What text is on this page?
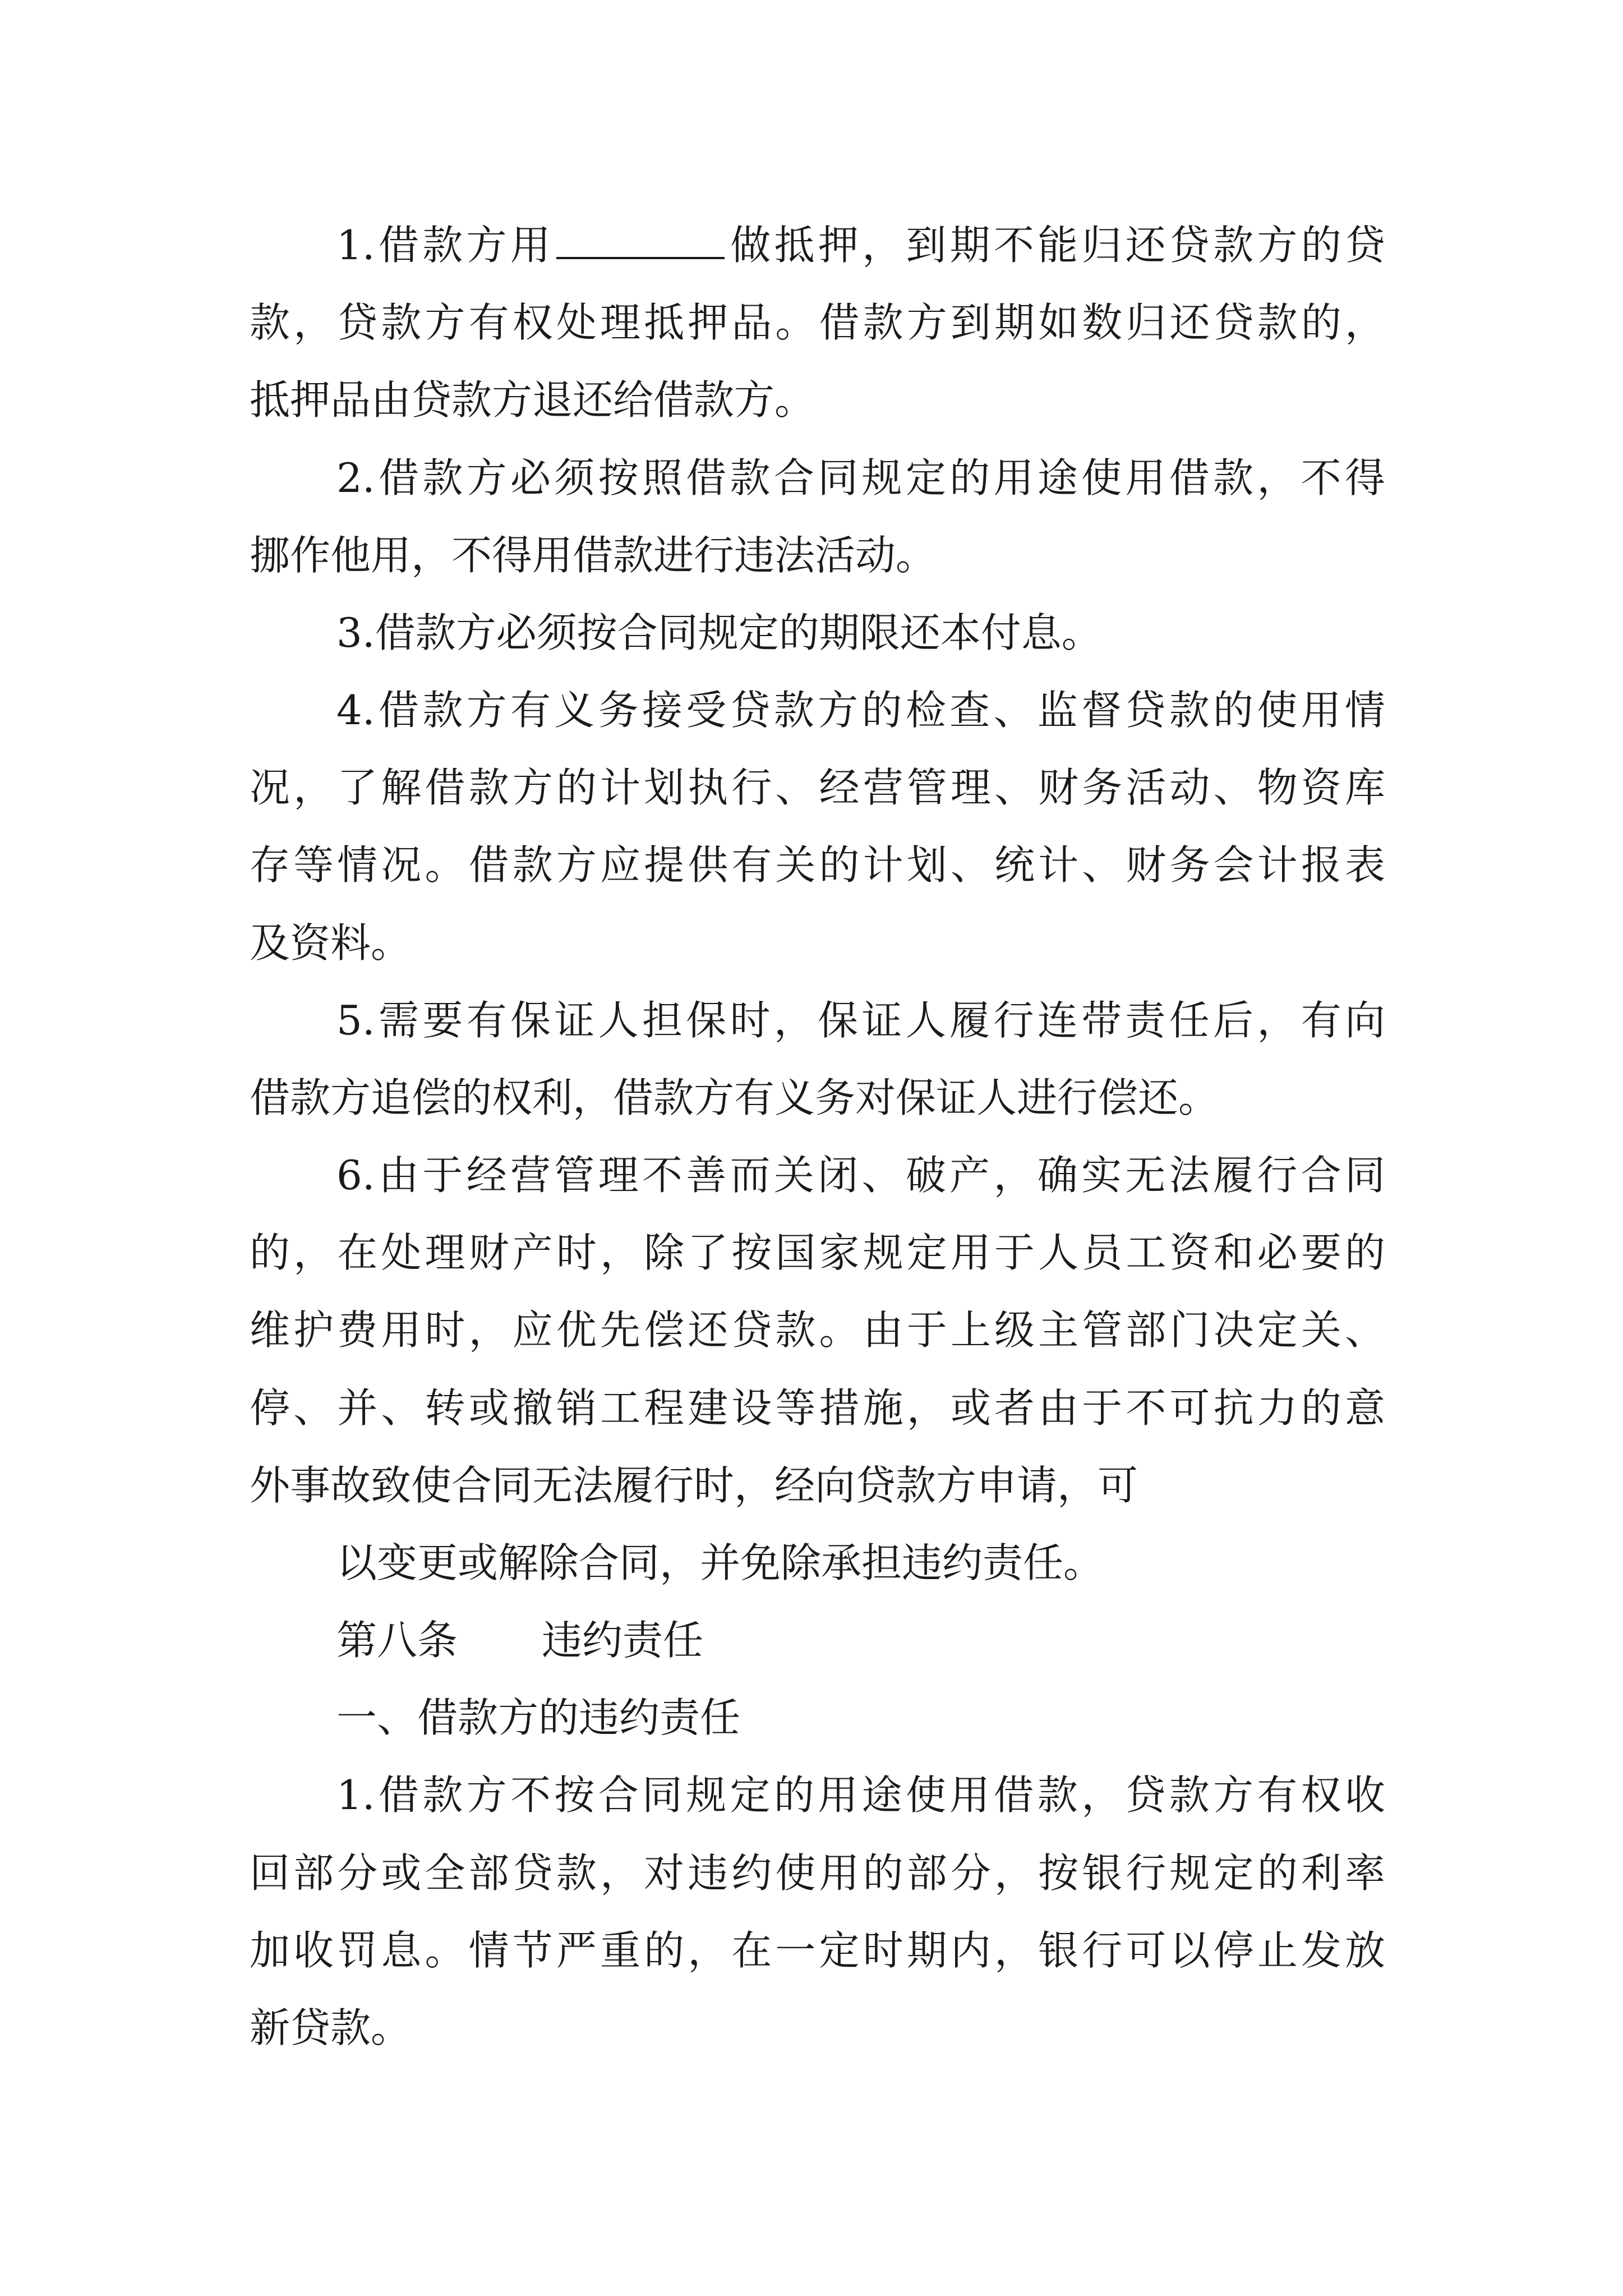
1.借款方用	做抵押，到期不能归还贷款方的贷

款，贷款方有权处理抵押品。借款方到期如数归还贷款的，

抵押品由贷款方退还给借款方。

2.借款方必须按照借款合同规定的用途使用借款，不得

挪作他用，不得用借款进行违法活动。

3.借款方必须按合同规定的期限还本付息。

4.借款方有义务接受贷款方的检查、监督贷款的使用情

况，了解借款方的计划执行、经营管理、财务活动、物资库

存等情况。借款方应提供有关的计划、统计、财务会计报表

及资料。

5.需要有保证人担保时，保证人履行连带责任后，有向

借款方追偿的权利，借款方有义务对保证人进行偿还。

6.由于经营管理不善而关闭、破产，确实无法履行合同

的，在处理财产时，除了按国家规定用于人员工资和必要的

维护费用时，应优先偿还贷款。由于上级主管部门决定关、

停、并、转或撤销工程建设等措施，或者由于不可抗力的意

外事故致使合同无法履行时，经向贷款方申请，可

以变更或解除合同，并免除承担违约责任。

第八条 违约责任

一、借款方的违约责任

1.借款方不按合同规定的用途使用借款，贷款方有权收

回部分或全部贷款，对违约使用的部分，按银行规定的利率

加收罚息。情节严重的，在一定时期内，银行可以停止发放

新贷款。
